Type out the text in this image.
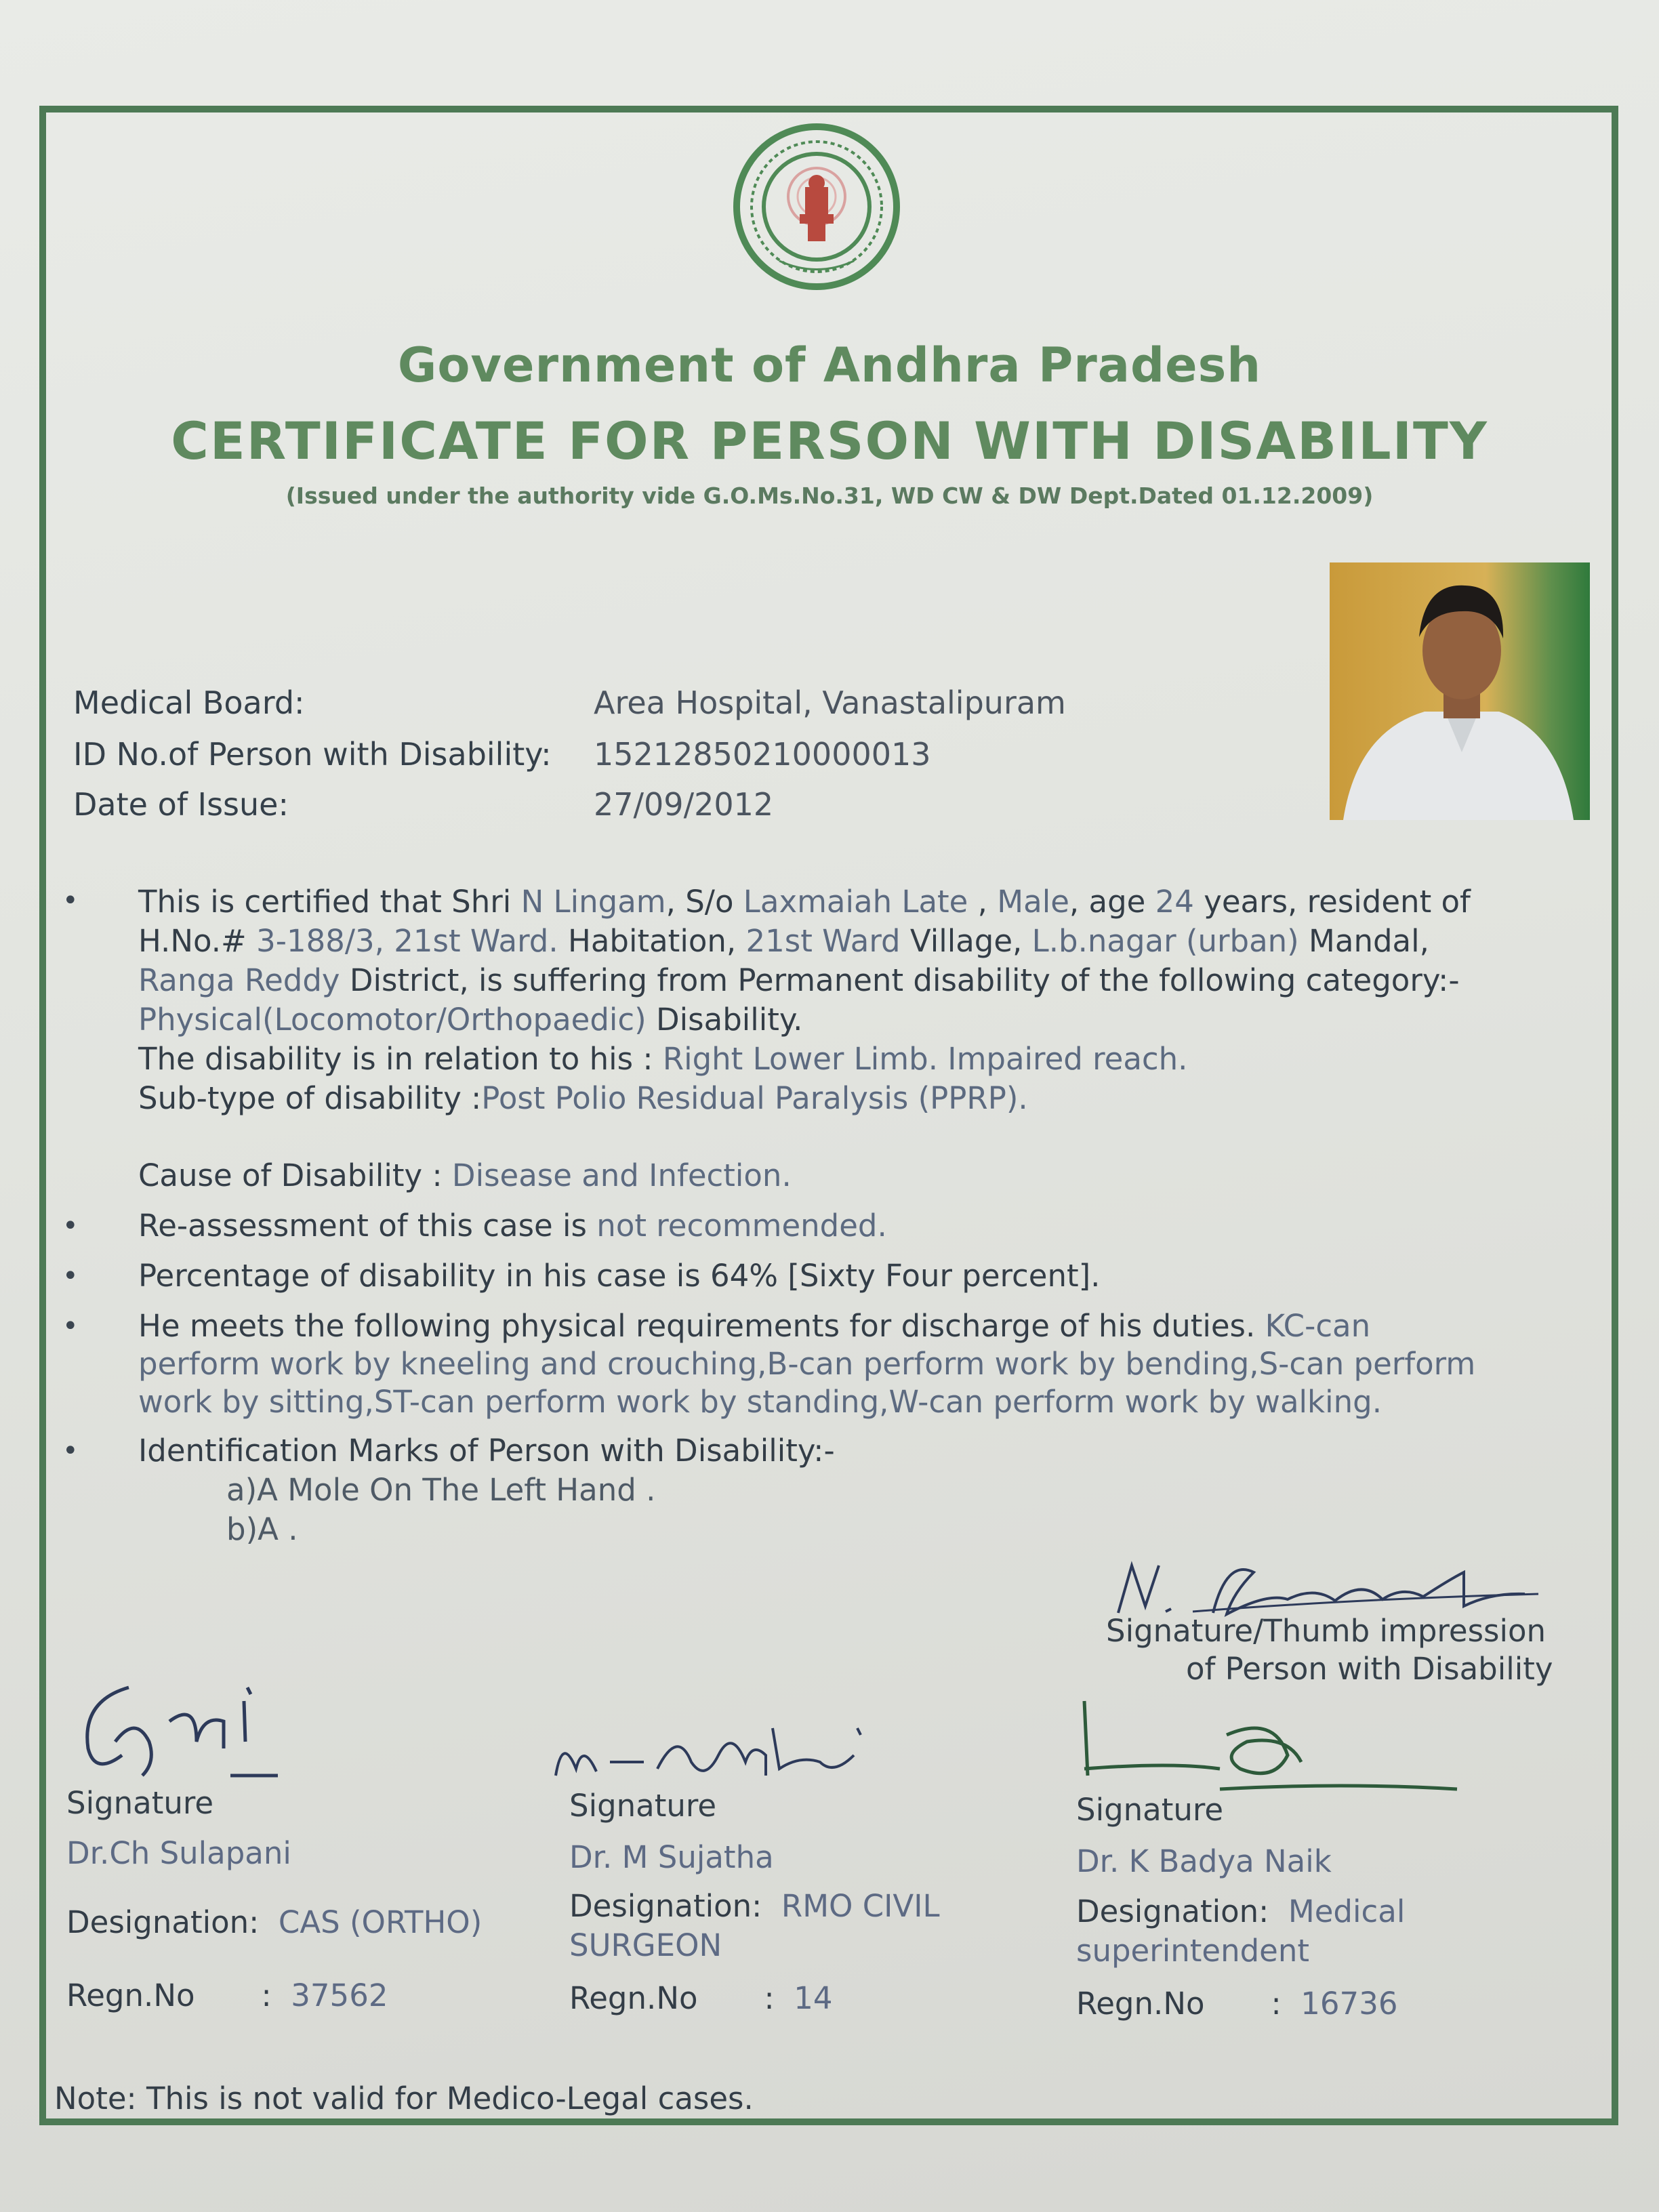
Government of Andhra Pradesh
CERTIFICATE FOR PERSON WITH DISABILITY
(Issued under the authority vide G.O.Ms.No.31, WD CW & DW Dept.Dated 01.12.2009)
Medical Board:	Area Hospital, Vanastalipuram
ID No.of Person with Disability: 15212850210000013
Date of Issue:	27/09/2012
• This is certified that Shri N Lingam, S/o Laxmaiah Late , Male, age 24 years, resident of
H.No.# 3-188/3, 21st Ward. Habitation, 21st Ward Village, L.b.nagar (urban) Mandal,
Ranga Reddy District, is suffering from Permanent disability of the following category:-
Physical(Locomotor/Orthopaedic) Disability.
The disability is in relation to his : Right Lower Limb. Impaired reach.
Sub-type of disability :Post Polio Residual Paralysis (PPRP).
Cause of Disability : Disease and Infection.
• Re-assessment of this case is not recommended.
• Percentage of disability in his case is 64% [Sixty Four percent].
• He meets the following physical requirements for discharge of his duties. KC-can
perform work by kneeling and crouching,B-can perform work by bending,S-can perform
work by sitting,ST-can perform work by standing,W-can perform work by walking.
• Identification Marks of Person with Disability:-
a)A Mole On The Left Hand .
b)A .
Signature/Thumb impression
of Person with Disability
Signature
Dr.Ch Sulapani
Designation: CAS (ORTHO)
Regn.No : 37562
Signature
Dr. M Sujatha
Designation: RMO CIVIL
SURGEON
Regn.No : 14
Signature
Dr. K Badya Naik
Designation: Medical
superintendent
Regn.No : 16736
Note: This is not valid for Medico-Legal cases.
